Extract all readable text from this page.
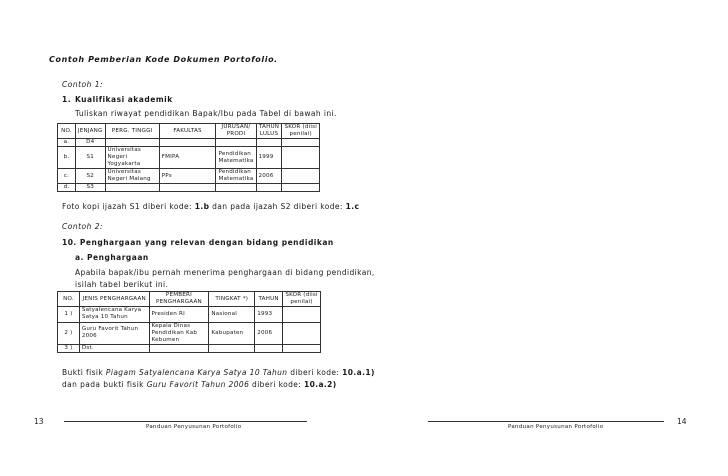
Contoh Pemberian Kode Dokumen Portofolio.
Contoh 1:
1. Kualifikasi akademik
Tuliskan riwayat pendidikan Bapak/Ibu pada Tabel di bawah ini.
NO.	JENJANG	PERG. TINGGI	FAKULTAS	JURUSAN/ PRODI	TAHUN LULUS	SKOR (diisi penilai)
a.	D4					
b.	S1	Universitas Negeri Yogyakarta	FMIPA	Pendidikan Matematika	1999	
c.	S2	Universitas Negeri Malang	PPs	Pendidikan Matematika	2006	
d.	S3					
Foto kopi ijazah S1 diberi kode: 1.b dan pada ijazah S2 diberi kode: 1.c
Contoh 2:
10. Penghargaan yang relevan dengan bidang pendidikan
a. Penghargaan
Apabila bapak/ibu pernah menerima penghargaan di bidang pendidikan,
isilah tabel berikut ini.
NO.	JENIS PENGHARGAAN	PEMBERI PENGHARGAAN	TINGKAT *)	TAHUN	SKOR (diisi penilai)
1 )	Satyalencana Karya Satya 10 Tahun	Presiden RI	Nasional	1993	
2 )	Guru Favorit Tahun 2006	Kepala Dinas Pendidikan Kab Kebumen	Kabupaten	2006	
3 )	Dst.				
Bukti fisik Piagam Satyalencana Karya Satya 10 Tahun diberi kode: 10.a.1)
dan pada bukti fisik Guru Favorit Tahun 2006 diberi kode: 10.a.2)
13
Panduan Penyusunan Portofolio
14
Panduan Penyusunan Portofolio
